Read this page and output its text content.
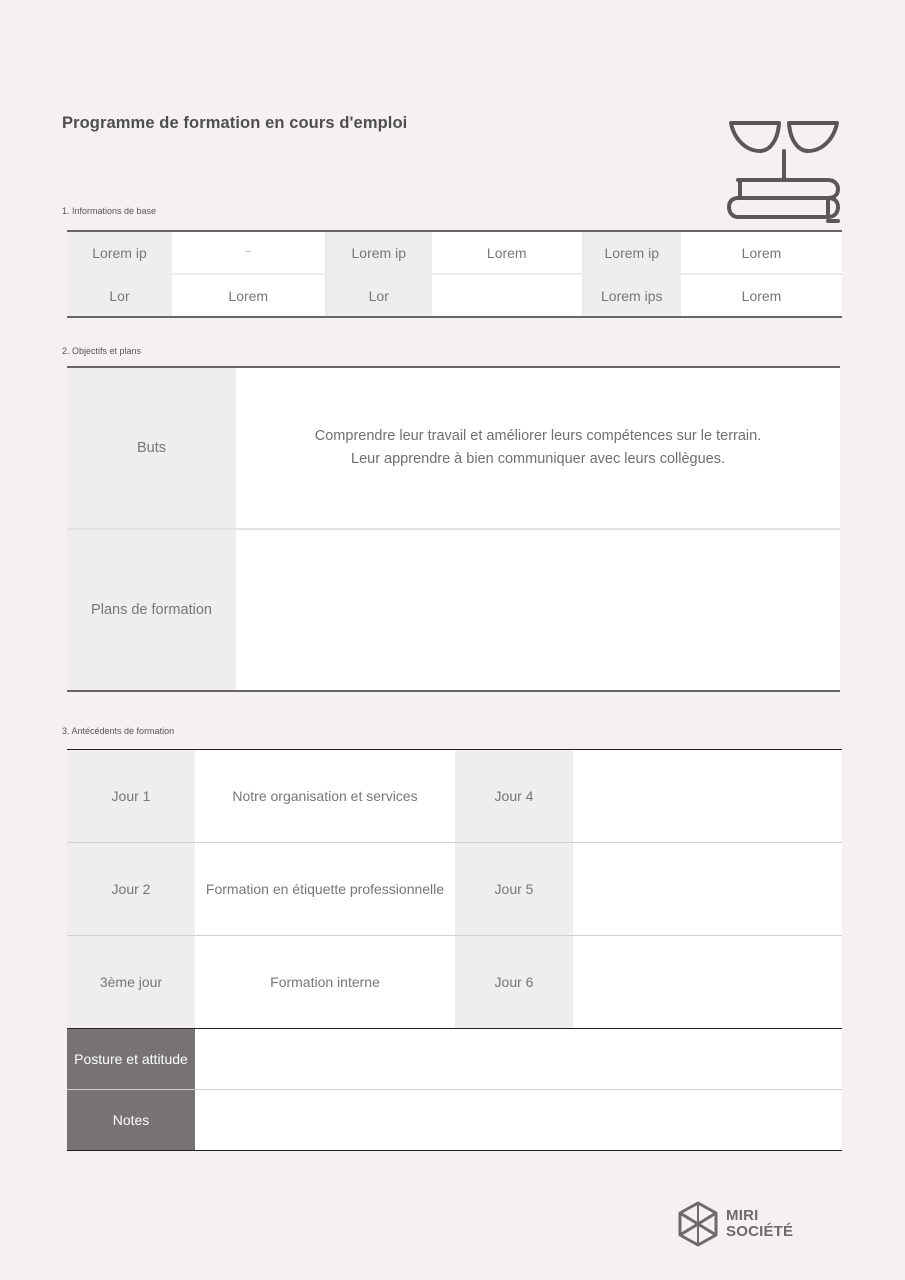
Programme de formation en cours d'emploi
1. Informations de base
Lorem ip	~	Lorem ip	Lorem	Lorem ip	Lorem
Lor	Lorem	Lor		Lorem ips	Lorem
2. Objectifs et plans
Buts	Comprendre leur travail et améliorer leurs compétences sur le terrain.
Leur apprendre à bien communiquer avec leurs collègues.

Plans de formation	
3. Antécédents de formation
Jour 1	Notre organisation et services	Jour 4	
Jour 2	Formation en étiquette professionnelle	Jour 5	
3ème jour	Formation interne	Jour 6	
Posture et attitude			
Notes			
MIRI
SOCIÉTÉ
